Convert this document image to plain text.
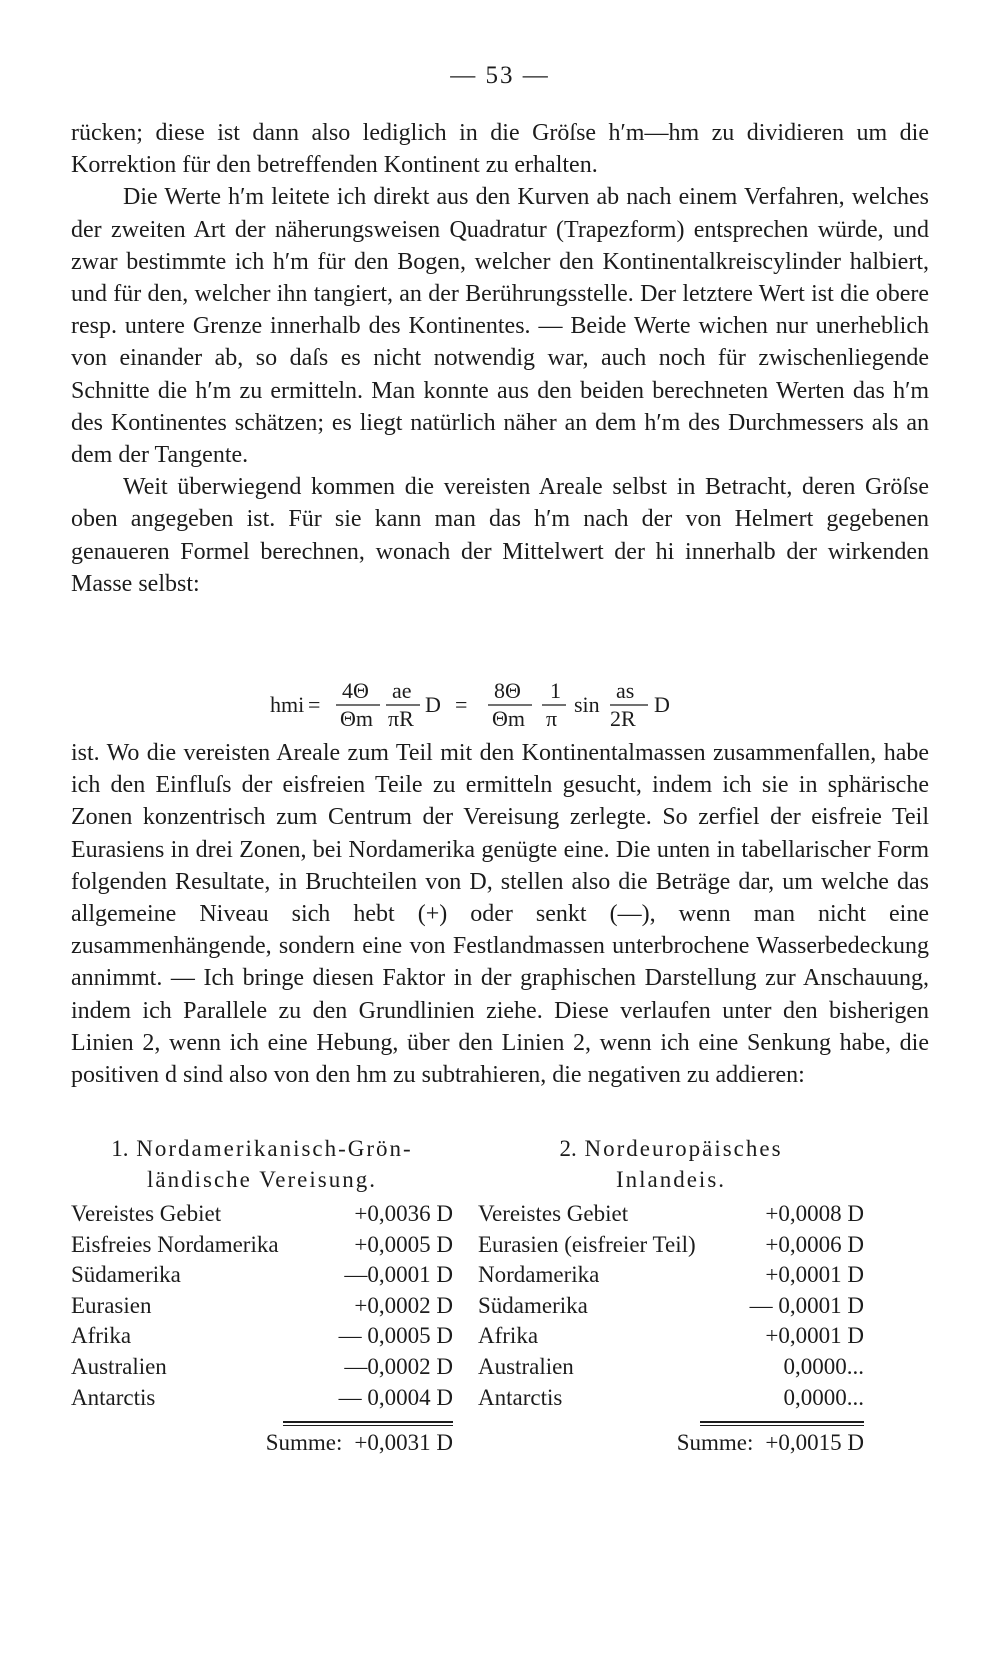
— 53 —

rücken; diese ist dann also lediglich in die Gröſse h′m—hm zu dividieren um die Korrektion für den betreffenden Kontinent zu erhalten.

Die Werte h′m leitete ich direkt aus den Kurven ab nach einem Verfahren, welches der zweiten Art der näherungsweisen Quadratur (Trapezform) entsprechen würde, und zwar bestimmte ich h′m für den Bogen, welcher den Kontinentalkreiscylinder halbiert, und für den, welcher ihn tangiert, an der Berührungsstelle. Der letztere Wert ist die obere resp. untere Grenze innerhalb des Kontinentes. — Beide Werte wichen nur unerheblich von einander ab, so daſs es nicht notwendig war, auch noch für zwischenliegende Schnitte die h′m zu ermitteln. Man konnte aus den beiden berechneten Werten das h′m des Kontinentes schätzen; es liegt natürlich näher an dem h′m des Durchmessers als an dem der Tangente.

Weit überwiegend kommen die vereisten Areale selbst in Betracht, deren Gröſse oben angegeben ist. Für sie kann man das h′m nach der von Helmert gegebenen genaueren Formel berechnen, wonach der Mittelwert der hi innerhalb der wirkenden Masse selbst:

hmi =
4Θ
Θm
ae
πR
D =
8Θ
Θm
1
π
sin
as
2R
D

ist. Wo die vereisten Areale zum Teil mit den Kontinentalmassen zusammenfallen, habe ich den Einfluſs der eisfreien Teile zu ermitteln gesucht, indem ich sie in sphärische Zonen konzentrisch zum Centrum der Vereisung zerlegte. So zerfiel der eisfreie Teil Eurasiens in drei Zonen, bei Nordamerika genügte eine. Die unten in tabellarischer Form folgenden Resultate, in Bruchteilen von D, stellen also die Beträge dar, um welche das allgemeine Niveau sich hebt (+) oder senkt (—), wenn man nicht eine zusammenhängende, sondern eine von Festlandmassen unterbrochene Wasserbedeckung annimmt. — Ich bringe diesen Faktor in der graphischen Darstellung zur Anschauung, indem ich Parallele zu den Grundlinien ziehe. Diese verlaufen unter den bisherigen Linien 2, wenn ich eine Hebung, über den Linien 2, wenn ich eine Senkung habe, die positiven d sind also von den hm zu subtrahieren, die negativen zu addieren:

1. Nordamerikanisch-Grön-
ländische Vereisung.
Vereistes Gebiet	+0,0036 D
Eisfreies Nordamerika	+0,0005 D
Südamerika	—0,0001 D
Eurasien	+0,0002 D
Afrika	— 0,0005 D
Australien	—0,0002 D
Antarctis	— 0,0004 D
Summe: +0,0031 D
2. Nordeuropäisches
Inlandeis.
Vereistes Gebiet	+0,0008 D
Eurasien (eisfreier Teil)	+0,0006 D
Nordamerika	+0,0001 D
Südamerika	— 0,0001 D
Afrika	+0,0001 D
Australien	0,0000...
Antarctis	0,0000...
Summe: +0,0015 D
